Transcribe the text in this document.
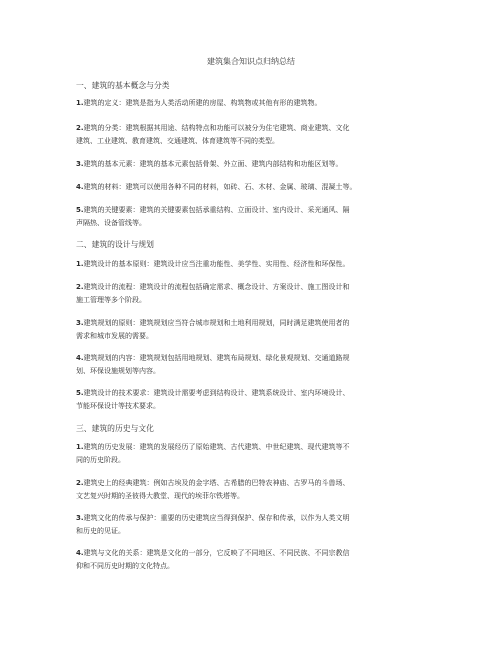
建筑集合知识点归纳总结
一、建筑的基本概念与分类
1.建筑的定义：建筑是指为人类活动所建的房屋、构筑物或其他有形的建筑物。
2.建筑的分类：建筑根据其用途、结构特点和功能可以被分为住宅建筑、商业建筑、文化
建筑、工业建筑、教育建筑、交通建筑、体育建筑等不同的类型。
3.建筑的基本元素：建筑的基本元素包括骨架、外立面、建筑内部结构和功能区划等。
4.建筑的材料：建筑可以使用各种不同的材料，如砖、石、木材、金属、玻璃、混凝土等。
5.建筑的关键要素：建筑的关键要素包括承重结构、立面设计、室内设计、采光通风、隔
声隔热、设备管线等。
二、建筑的设计与规划
1.建筑设计的基本原则：建筑设计应当注重功能性、美学性、实用性、经济性和环保性。
2.建筑设计的流程：建筑设计的流程包括确定需求、概念设计、方案设计、施工图设计和
施工管理等多个阶段。
3.建筑规划的原则：建筑规划应当符合城市规划和土地利用规划，同时满足建筑使用者的
需求和城市发展的需要。
4.建筑规划的内容：建筑规划包括用地规划、建筑布局规划、绿化景观规划、交通道路规
划、环保设施规划等内容。
5.建筑设计的技术要求：建筑设计需要考虑到结构设计、建筑系统设计、室内环境设计、
节能环保设计等技术要求。
三、建筑的历史与文化
1.建筑的历史发展：建筑的发展经历了原始建筑、古代建筑、中世纪建筑、现代建筑等不
同的历史阶段。
2.建筑史上的经典建筑：例如古埃及的金字塔、古希腊的巴特农神庙、古罗马的斗兽场、
文艺复兴时期的圣彼得大教堂、现代的埃菲尔铁塔等。
3.建筑文化的传承与保护：重要的历史建筑应当得到保护、保存和传承，以作为人类文明
和历史的见证。
4.建筑与文化的关系：建筑是文化的一部分，它反映了不同地区、不同民族、不同宗教信
仰和不同历史时期的文化特点。
